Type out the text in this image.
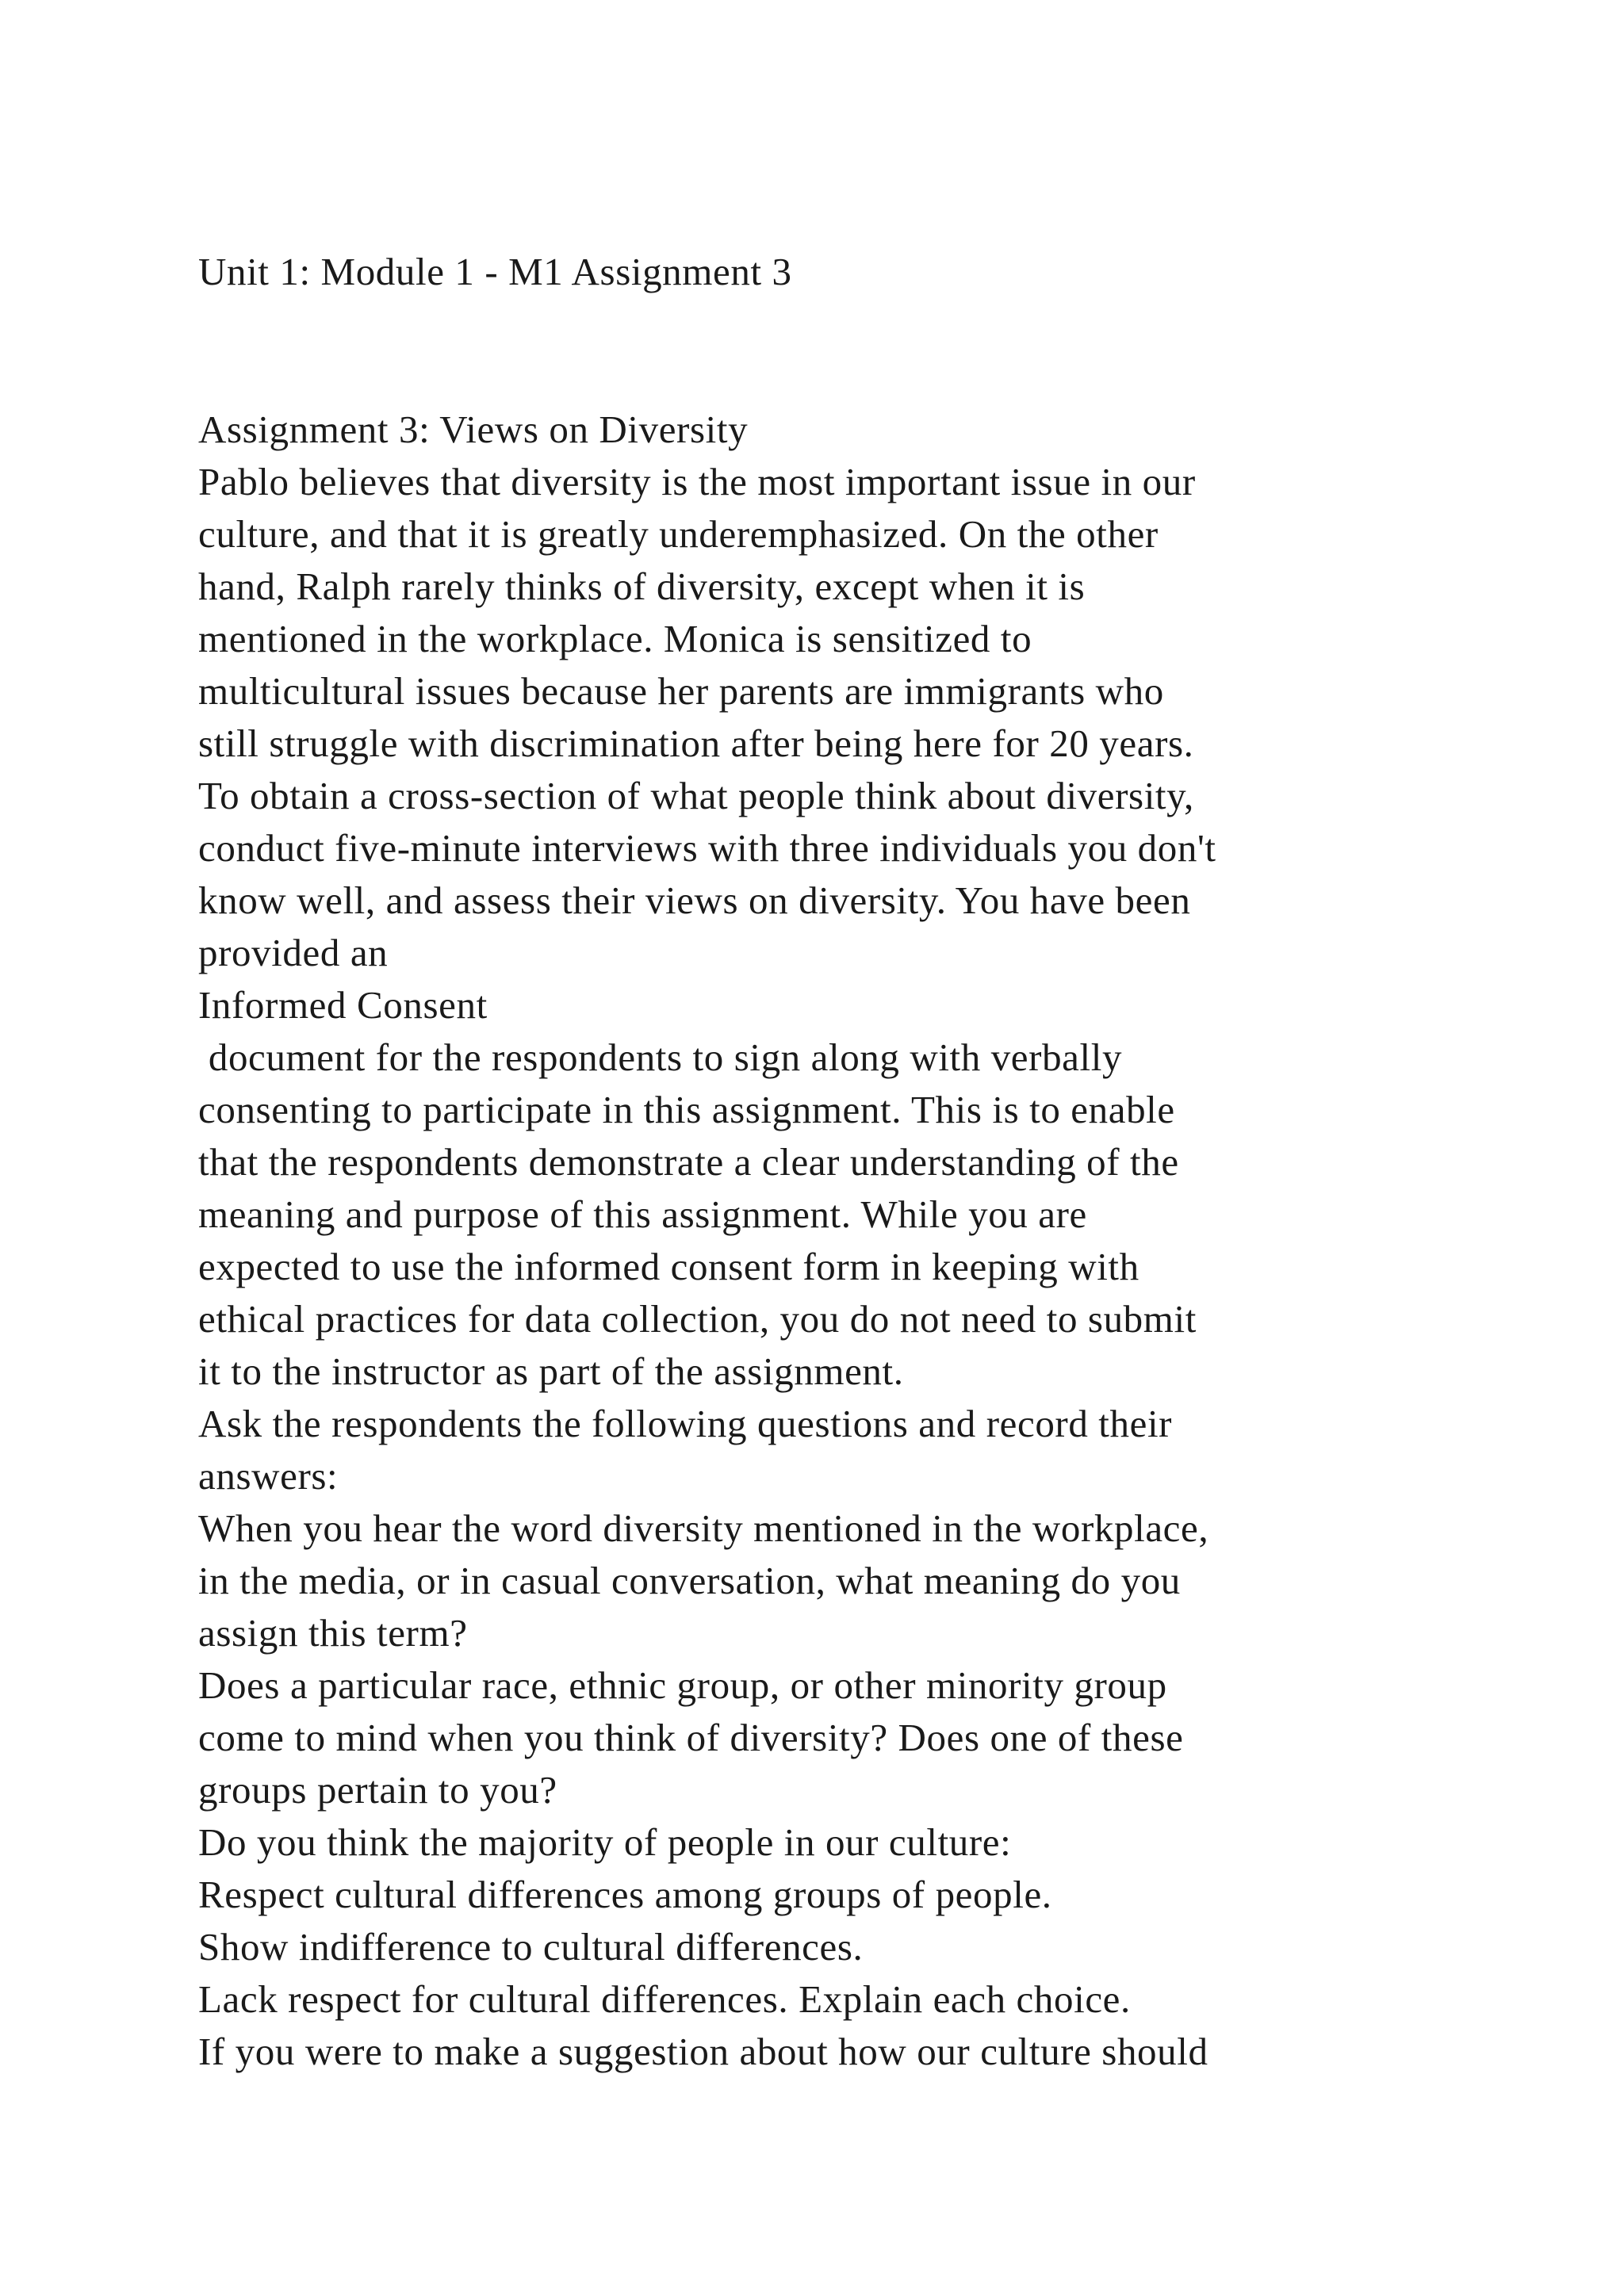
Unit 1: Module 1 - M1 Assignment 3
Assignment 3: Views on Diversity
Pablo believes that diversity is the most important issue in our
culture, and that it is greatly underemphasized. On the other
hand, Ralph rarely thinks of diversity, except when it is
mentioned in the workplace. Monica is sensitized to
multicultural issues because her parents are immigrants who
still struggle with discrimination after being here for 20 years.
To obtain a cross-section of what people think about diversity,
conduct five-minute interviews with three individuals you don't
know well, and assess their views on diversity. You have been
provided an
Informed Consent
document for the respondents to sign along with verbally
consenting to participate in this assignment. This is to enable
that the respondents demonstrate a clear understanding of the
meaning and purpose of this assignment. While you are
expected to use the informed consent form in keeping with
ethical practices for data collection, you do not need to submit
it to the instructor as part of the assignment.
Ask the respondents the following questions and record their
answers:
When you hear the word diversity mentioned in the workplace,
in the media, or in casual conversation, what meaning do you
assign this term?
Does a particular race, ethnic group, or other minority group
come to mind when you think of diversity? Does one of these
groups pertain to you?
Do you think the majority of people in our culture:
Respect cultural differences among groups of people.
Show indifference to cultural differences.
Lack respect for cultural differences. Explain each choice.
If you were to make a suggestion about how our culture should
